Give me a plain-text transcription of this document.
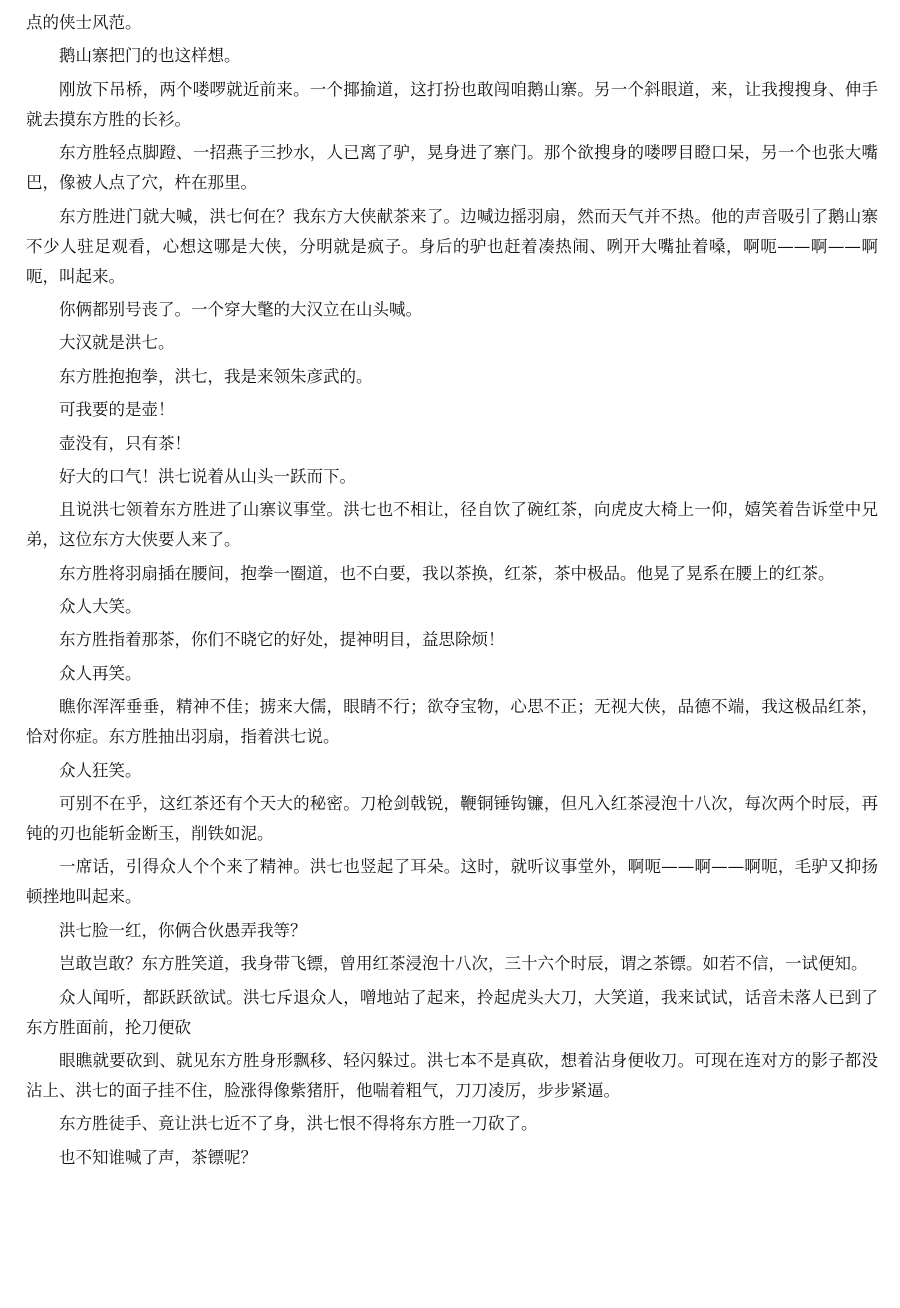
点的侠士风范。

鹅山寨把门的也这样想。

刚放下吊桥，两个喽啰就近前来。一个揶揄道，这打扮也敢闯咱鹅山寨。另一个斜眼道，来，让我搜搜身、伸手就去摸东方胜的长衫。

东方胜轻点脚蹬、一招燕子三抄水，人已离了驴，晃身进了寨门。那个欲搜身的喽啰目瞪口呆，另一个也张大嘴巴，像被人点了穴，杵在那里。

东方胜进门就大喊，洪七何在？我东方大侠献茶来了。边喊边摇羽扇，然而天气并不热。他的声音吸引了鹅山寨不少人驻足观看，心想这哪是大侠，分明就是疯子。身后的驴也赶着凑热闹、咧开大嘴扯着嗓，啊呃——啊——啊呃，叫起来。

你俩都别号丧了。一个穿大氅的大汉立在山头喊。

大汉就是洪七。

东方胜抱抱拳，洪七，我是来领朱彦武的。

可我要的是壶！

壶没有，只有茶！

好大的口气！洪七说着从山头一跃而下。

且说洪七领着东方胜进了山寨议事堂。洪七也不相让，径自饮了碗红茶，向虎皮大椅上一仰，嬉笑着告诉堂中兄弟，这位东方大侠要人来了。

东方胜将羽扇插在腰间，抱拳一圈道，也不白要，我以茶换，红茶，茶中极品。他晃了晃系在腰上的红茶。

众人大笑。

东方胜指着那茶，你们不晓它的好处，提神明目，益思除烦！

众人再笑。

瞧你浑浑垂垂，精神不佳；掳来大儒，眼睛不行；欲夺宝物，心思不正；无视大侠，品德不端，我这极品红茶，恰对你症。东方胜抽出羽扇，指着洪七说。

众人狂笑。

可别不在乎，这红茶还有个天大的秘密。刀枪剑戟锐，鞭铜锤钩镰，但凡入红茶浸泡十八次，每次两个时辰，再钝的刃也能斩金断玉，削铁如泥。

一席话，引得众人个个来了精神。洪七也竖起了耳朵。这时，就听议事堂外，啊呃——啊——啊呃，毛驴又抑扬顿挫地叫起来。

洪七脸一红，你俩合伙愚弄我等？

岂敢岂敢？东方胜笑道，我身带飞镖，曾用红茶浸泡十八次，三十六个时辰，谓之茶镖。如若不信，一试便知。

众人闻听，都跃跃欲试。洪七斥退众人，噌地站了起来，拎起虎头大刀，大笑道，我来试试，话音未落人已到了东方胜面前，抡刀便砍

眼瞧就要砍到、就见东方胜身形飘移、轻闪躲过。洪七本不是真砍，想着沾身便收刀。可现在连对方的影子都没沾上、洪七的面子挂不住，脸涨得像紫猪肝，他喘着粗气，刀刀凌厉，步步紧逼。

东方胜徒手、竟让洪七近不了身，洪七恨不得将东方胜一刀砍了。

也不知谁喊了声，茶镖呢？
